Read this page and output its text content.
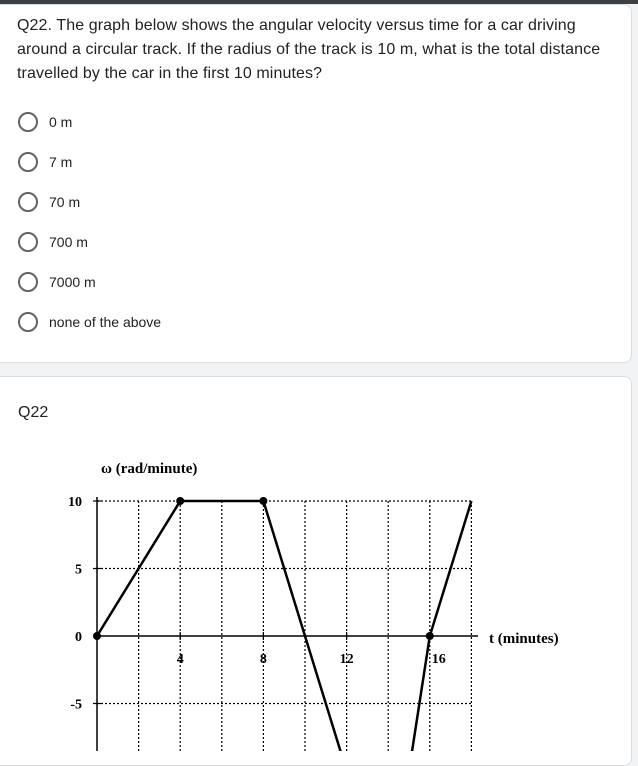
Q22. The graph below shows the angular velocity versus time for a car driving around a circular track. If the radius of the track is 10 m, what is the total distance travelled by the car in the first 10 minutes?
0 m
7 m
70 m
700 m
7000 m
none of the above
Q22
10
5
0
-5
4	8	12	16
ω (rad/minute)
t (minutes)
